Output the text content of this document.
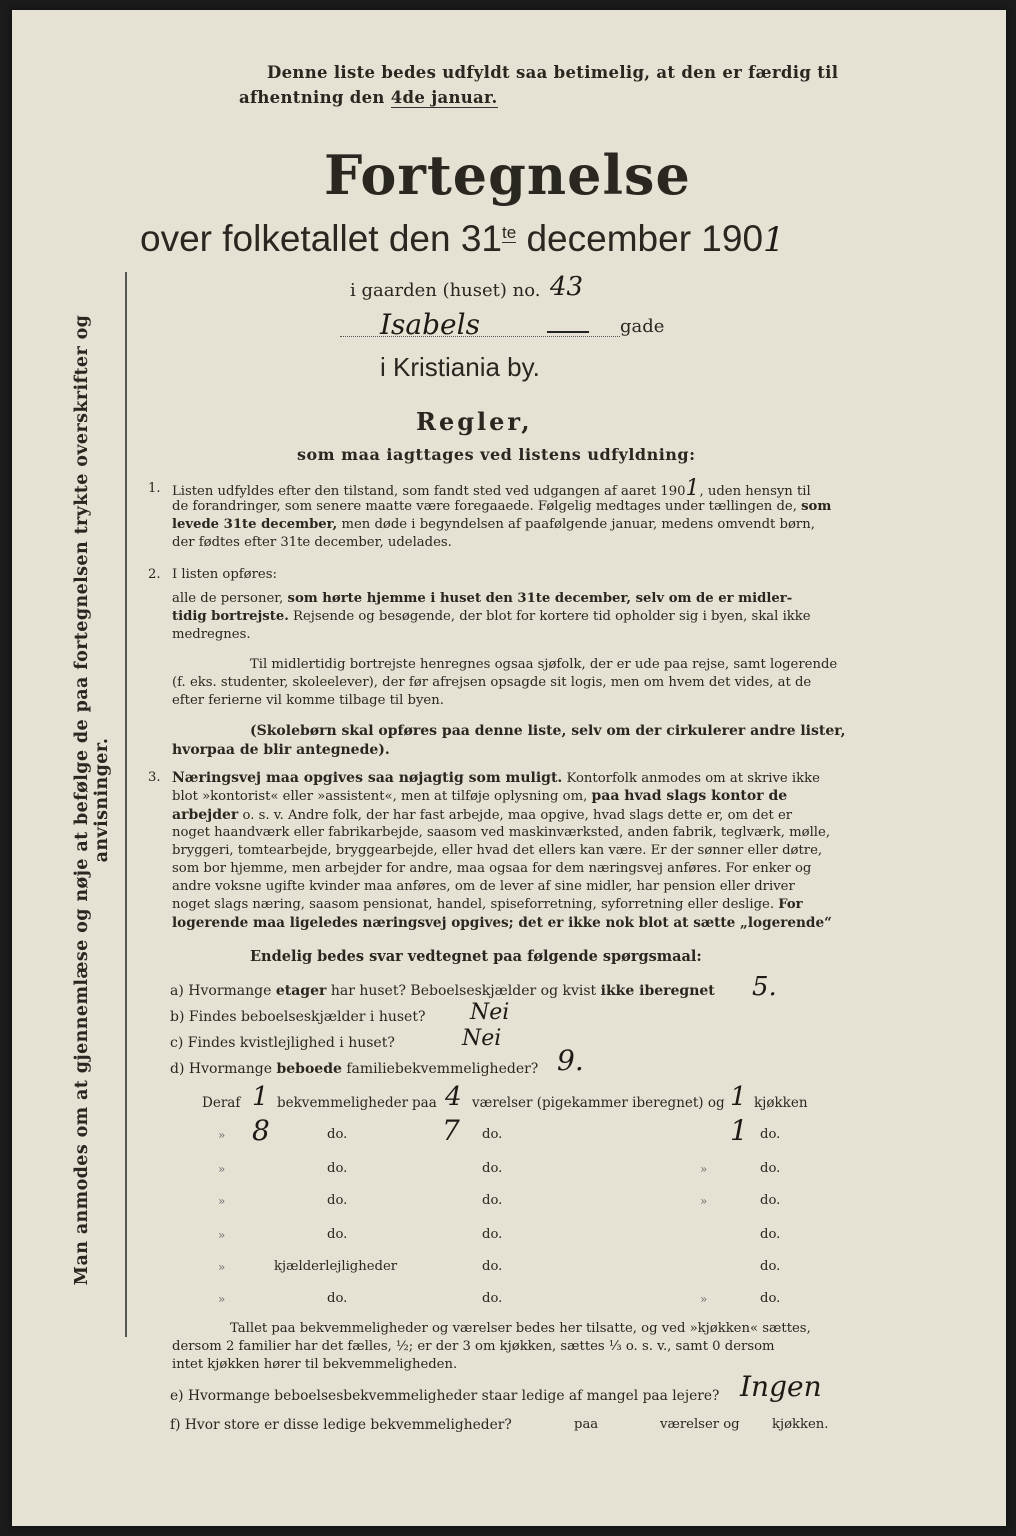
Man anmodes om at gjennemlæse og nøje at befølge de paa fortegnelsen trykte overskrifter og anvisninger.
Denne liste bedes udfyldt saa betimelig, at den er færdig til
afhentning den 4de januar.
Fortegnelse
over folketallet den $31^{te}$ december 1901
i gaarden (huset) no. 43
Isabels	gade
i Kristiania by.
Regler,
som maa iagttages ved listens udfyldning:
1. Listen udfyldes efter den tilstand, som fandt sted ved udgangen af aaret 1901, uden hensyn til
de forandringer, som senere maatte være foregaaede. Følgelig medtages under tællingen de, som
levede 31te december, men døde i begyndelsen af paafølgende januar, medens omvendt børn,
der fødtes efter 31te december, udelades.
2. I listen opføres:
alle de personer, som hørte hjemme i huset den 31te december, selv om de er midler-
tidig bortrejste. Rejsende og besøgende, der blot for kortere tid opholder sig i byen, skal ikke
medregnes.
Til midlertidig bortrejste henregnes ogsaa sjøfolk, der er ude paa rejse, samt logerende
(f. eks. studenter, skoleelever), der før afrejsen opsagde sit logis, men om hvem det vides, at de
efter ferierne vil komme tilbage til byen.
(Skolebørn skal opføres paa denne liste, selv om der cirkulerer andre lister,
hvorpaa de blir antegnede).
3. Næringsvej maa opgives saa nøjagtig som muligt. Kontorfolk anmodes om at skrive ikke
blot »kontorist« eller »assistent«, men at tilføje oplysning om, paa hvad slags kontor de
arbejder o. s. v. Andre folk, der har fast arbejde, maa opgive, hvad slags dette er, om det er
noget haandværk eller fabrikarbejde, saasom ved maskinværksted, anden fabrik, teglværk, mølle,
bryggeri, tomtearbejde, bryggearbejde, eller hvad det ellers kan være. Er der sønner eller døtre,
som bor hjemme, men arbejder for andre, maa ogsaa for dem næringsvej anføres. For enker og
andre voksne ugifte kvinder maa anføres, om de lever af sine midler, har pension eller driver
noget slags næring, saasom pensionat, handel, spiseforretning, syforretning eller deslige. For
logerende maa ligeledes næringsvej opgives; det er ikke nok blot at sætte „logerende“
Endelig bedes svar vedtegnet paa følgende spørgsmaal:
a) Hvormange etager har huset? Beboelseskjælder og kvist ikke iberegnet 5.
b) Findes beboelseskjælder i huset? Nei
c) Findes kvistlejlighed i huset?	Nei
d) Hvormange beboede familiebekvemmeligheder? 9.
Deraf 1 bekvemmeligheder paa 4 værelser (pigekammer iberegnet) og 1 kjøkken
» 8	do.	7 do.	1 do.
»	do.	do.	»	do.
»	do.	do.	»	do.
»	do.	do.	do.
»	kjælderlejligheder	do.	do.
»	do.	do.	»	do.
Tallet paa bekvemmeligheder og værelser bedes her tilsatte, og ved »kjøkken« sættes,
dersom 2 familier har det fælles, ½; er der 3 om kjøkken, sættes ⅓ o. s. v., samt 0 dersom
intet kjøkken hører til bekvemmeligheden.
e) Hvormange beboelsesbekvemmeligheder staar ledige af mangel paa lejere? Ingen
f) Hvor store er disse ledige bekvemmeligheder?	paa	værelser og kjøkken.
